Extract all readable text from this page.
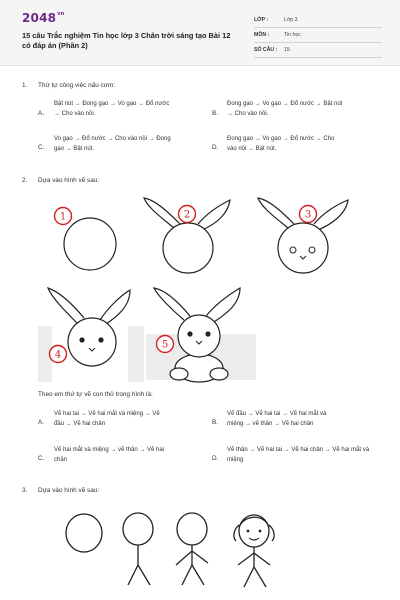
$2048^{vn}$
15 câu Trắc nghiệm Tin học lớp 3 Chân trời sáng tạo Bài 12 có đáp án (Phần 2)
LỚP :	Lớp 3
MÔN :	Tin học
SỐ CÂU :	15
1. Thứ tự công việc nấu cơm:
A.
Bật nút → Đong gạo → Vo gạo → Đổ nước
→ Cho vào nồi.	B.
Đong gạo → Vo gạo → Đổ nước → Bật nút
→ Cho vào nồi.
C.
Vo gạo → Đổ nước → Cho vào nồi → Đong
gạo → Bật nút.	D.
Đong gạo → Vo gạo → Đổ nước → Cho
vào nồi → Bật nút.
2. Dựa vào hình vẽ sau:
1	2	3
4
5
Theo em thứ tự vẽ con thỏ trong hình là:
A.
Vẽ hai tai → Vẽ hai mắt và miệng → Vẽ
đầu → Vẽ hai chân	B.
Vẽ đầu → Vẽ hai tai → Vẽ hai mắt và
miệng → vẽ thân → Vẽ hai chân
C.
Vẽ hai mắt và miệng → vẽ thân → Vẽ hai
chân	D.
Vẽ thân → Vẽ hai tai → Vẽ hai chân → Vẽ hai mắt và
miệng
3. Dựa vào hình vẽ sau:
